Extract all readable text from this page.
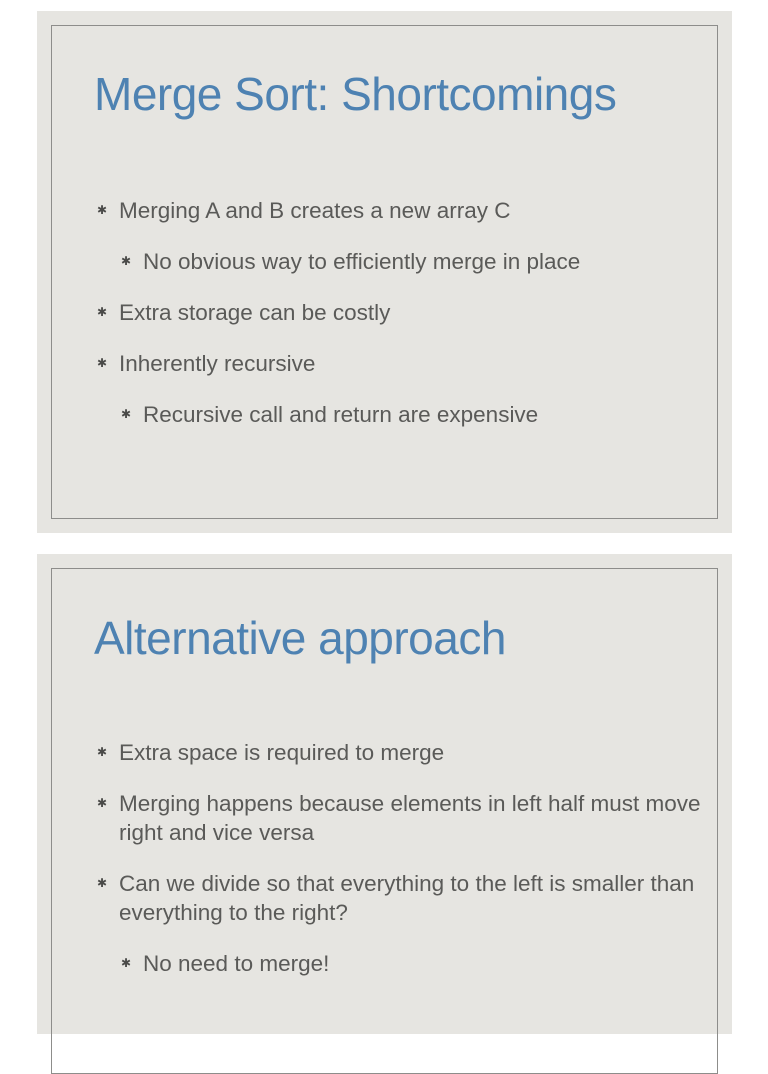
Merge Sort: Shortcomings
✱ Merging A and B creates a new array C
✱ No obvious way to efficiently merge in place
✱ Extra storage can be costly
✱ Inherently recursive
✱ Recursive call and return are expensive
Alternative approach
✱ Extra space is required to merge
✱ Merging happens because elements in left half must move right and vice versa
✱ Can we divide so that everything to the left is smaller than everything to the right?
✱ No need to merge!
